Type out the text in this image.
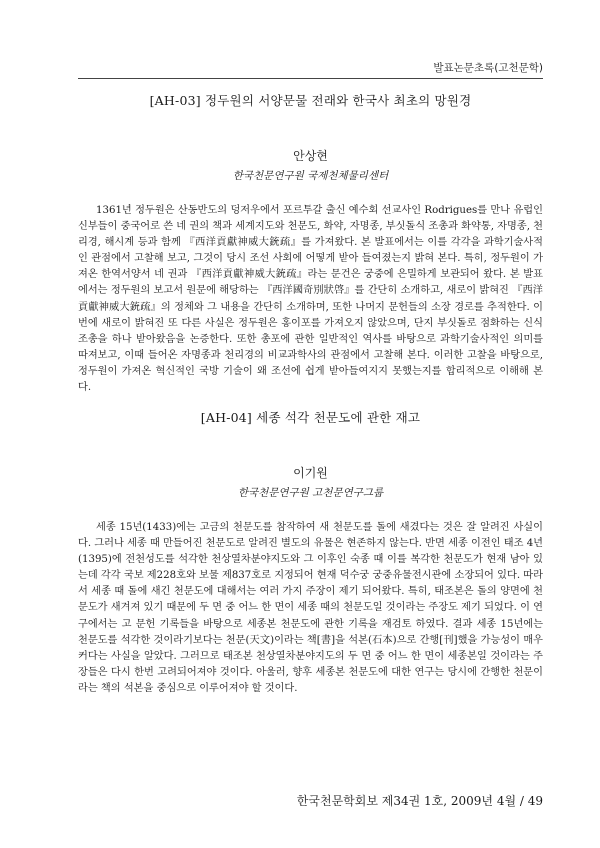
발표논문초록(고천문학)

[AH-03] 정두원의 서양문물 전래와 한국사 최초의 망원경

안상현

한국천문연구원 국제천체물리센터

1361년 정두원은 산동반도의 덩저우에서 포르투갈 출신 예수회 선교사인 Rodrigues를 만나 유럽인 신부들이 중국어로 쓴 네 권의 책과 세계지도와 천문도, 화약, 자명종, 부싯돌식 조총과 화약통, 자명종, 천리경, 해시계 등과 함께 『西洋貢獻神威大銃疏』를 가져왔다. 본 발표에서는 이를 각각을 과학기술사적인 관점에서 고찰해 보고, 그것이 당시 조선 사회에 어떻게 받아 들여졌는지 밝혀 본다. 특히, 정두원이 가져온 한역서양서 네 권과 『西洋貢獻神威大銃疏』라는 문건은 궁중에 은밀하게 보관되어 왔다. 본 발표에서는 정두원의 보고서 원문에 해당하는 『西洋國奇別狀啓』를 간단히 소개하고, 새로이 밝혀진 『西洋貢獻神威大銃疏』의 정체와 그 내용을 간단히 소개하며, 또한 나머지 문헌들의 소장 경로를 추적한다. 이번에 새로이 밝혀진 또 다른 사실은 정두원은 홍이포를 가져오지 않았으며, 단지 부싯돌로 점화하는 신식 조총을 하나 받아왔음을 논증한다. 또한 총포에 관한 일반적인 역사를 바탕으로 과학기술사적인 의미를 따져보고, 이때 들어온 자명종과 천리경의 비교과학사의 관점에서 고찰해 본다. 이러한 고찰을 바탕으로, 정두원이 가져온 혁신적인 국방 기술이 왜 조선에 쉽게 받아들여지지 못했는지를 합리적으로 이해해 본다.

[AH-04] 세종 석각 천문도에 관한 재고

이기원

한국천문연구원 고천문연구그룹

세종 15년(1433)에는 고금의 천문도를 참작하여 새 천문도를 돌에 새겼다는 것은 잘 알려진 사실이다. 그러나 세종 때 만들어진 천문도로 알려진 별도의 유물은 현존하지 않는다. 반면 세종 이전인 태조 4년(1395)에 전천성도를 석각한 천상열차분야지도와 그 이후인 숙종 때 이를 복각한 천문도가 현재 남아 있는데 각각 국보 제228호와 보물 제837호로 지정되어 현재 덕수궁 궁중유물전시관에 소장되어 있다. 따라서 세종 때 돌에 새긴 천문도에 대해서는 여러 가지 주장이 제기 되어왔다. 특히, 태조본은 돌의 양면에 천문도가 새겨져 있기 때문에 두 면 중 어느 한 면이 세종 때의 천문도일 것이라는 주장도 제기 되었다. 이 연구에서는 고 문헌 기록들을 바탕으로 세종본 천문도에 관한 기록을 재검토 하였다. 결과 세종 15년에는 천문도를 석각한 것이라기보다는 천문(天文)이라는 책[書]을 석본(石本)으로 간행[刊]했을 가능성이 매우 커다는 사실을 알았다. 그러므로 태조본 천상열차분야지도의 두 면 중 어느 한 면이 세종본일 것이라는 주장들은 다시 한번 고려되어져야 것이다. 아울러, 향후 세종본 천문도에 대한 연구는 당시에 간행한 천문이라는 책의 석본을 중심으로 이루어져야 할 것이다.

한국천문학회보 제34권 1호, 2009년 4월 / 49
